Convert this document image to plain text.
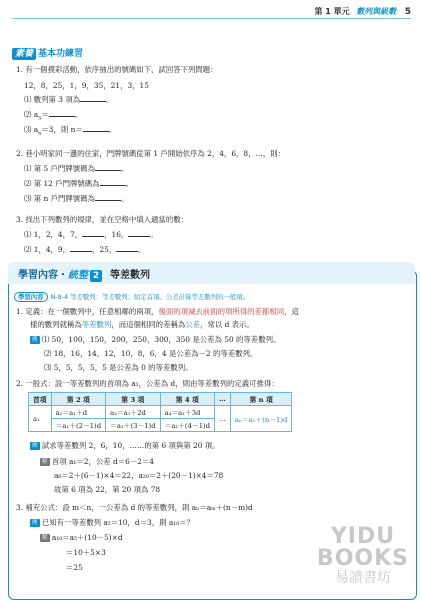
第 1 單元 數列與級數 5
素養 基本功練習
1. 有一個摸彩活動，依序抽出的號碼如下，試回答下列問題：
12，8，25，1，9，35，21，3，15
⑴ 數列第 3 項為	。
⑵ $a_5=$	。
⑶ $a_n=3$，則 n＝	。
2. 巷小明家同一邊的住家，門牌號碼從第 1 戶開始依序為 2，4，6，8，…，則：
⑴ 第 5 戶門牌號碼為	。
⑵ 第 12 戶門牌號碼為	。
⑶ 第 n 戶門牌號碼為	。
3. 找出下列數列的規律，並在空格中填入適當的數：
⑴ 1，2，4，7，	，16，	。
⑵ 1，4，9，	，25，	。
學習內容・統整 2 等差數列
學習內容 N-8-4 等差數列：等差數列；給定首項、公差計算等差數列的一般項。
1. 定義：在一個數列中，任意相鄰的兩項，後面的項減去前面的項所得的差都相同，這
樣的數列就稱為等差數列，而這個相同的差稱為公差，常以 d 表示。
例 ⑴ 50，100，150，200，250，300，350 是公差為 50 的等差數列。
⑵ 18，16，14，12，10，8，6，4 是公差為－2 的等差數列。
⑶ 5，5，5，5，5 是公差為 0 的等差數列。
2. 一般式：設一等差數列的首項為 a₁，公差為 d，則由等差數列的定義可推得：
首項	第 2 項	第 3 項	第 4 項	…	第 n 項
a₁	a₂＝a₁＋d	a₃＝a₁＋2d	a₄＝a₁＋3d	…	aₙ＝a₁＋(n－1)d
	＝a₁＋(2－1)d	＝a₁＋(3－1)d	＝a₁＋(4－1)d		
例 試求等差數列 2，6，10，……的第 6 項與第 20 項。
解 首項 a₁＝2，公差 d＝6－2＝4
a₆＝2＋(6－1)×4＝22，a₂₀＝2＋(20－1)×4＝78
故第 6 項為 22，第 20 項為 78
3. 補充公式：設 m＜n，一公差為 d 的等差數列，則 aₙ＝aₘ＋(n－m)d
例 已知有一等差數列 a₅＝10，d＝3，則 a₁₀＝？
解 a₁₀＝a₅＋(10－5)×d
＝10＋5×3
＝25
YIDU
BOOKS
易讀書坊
